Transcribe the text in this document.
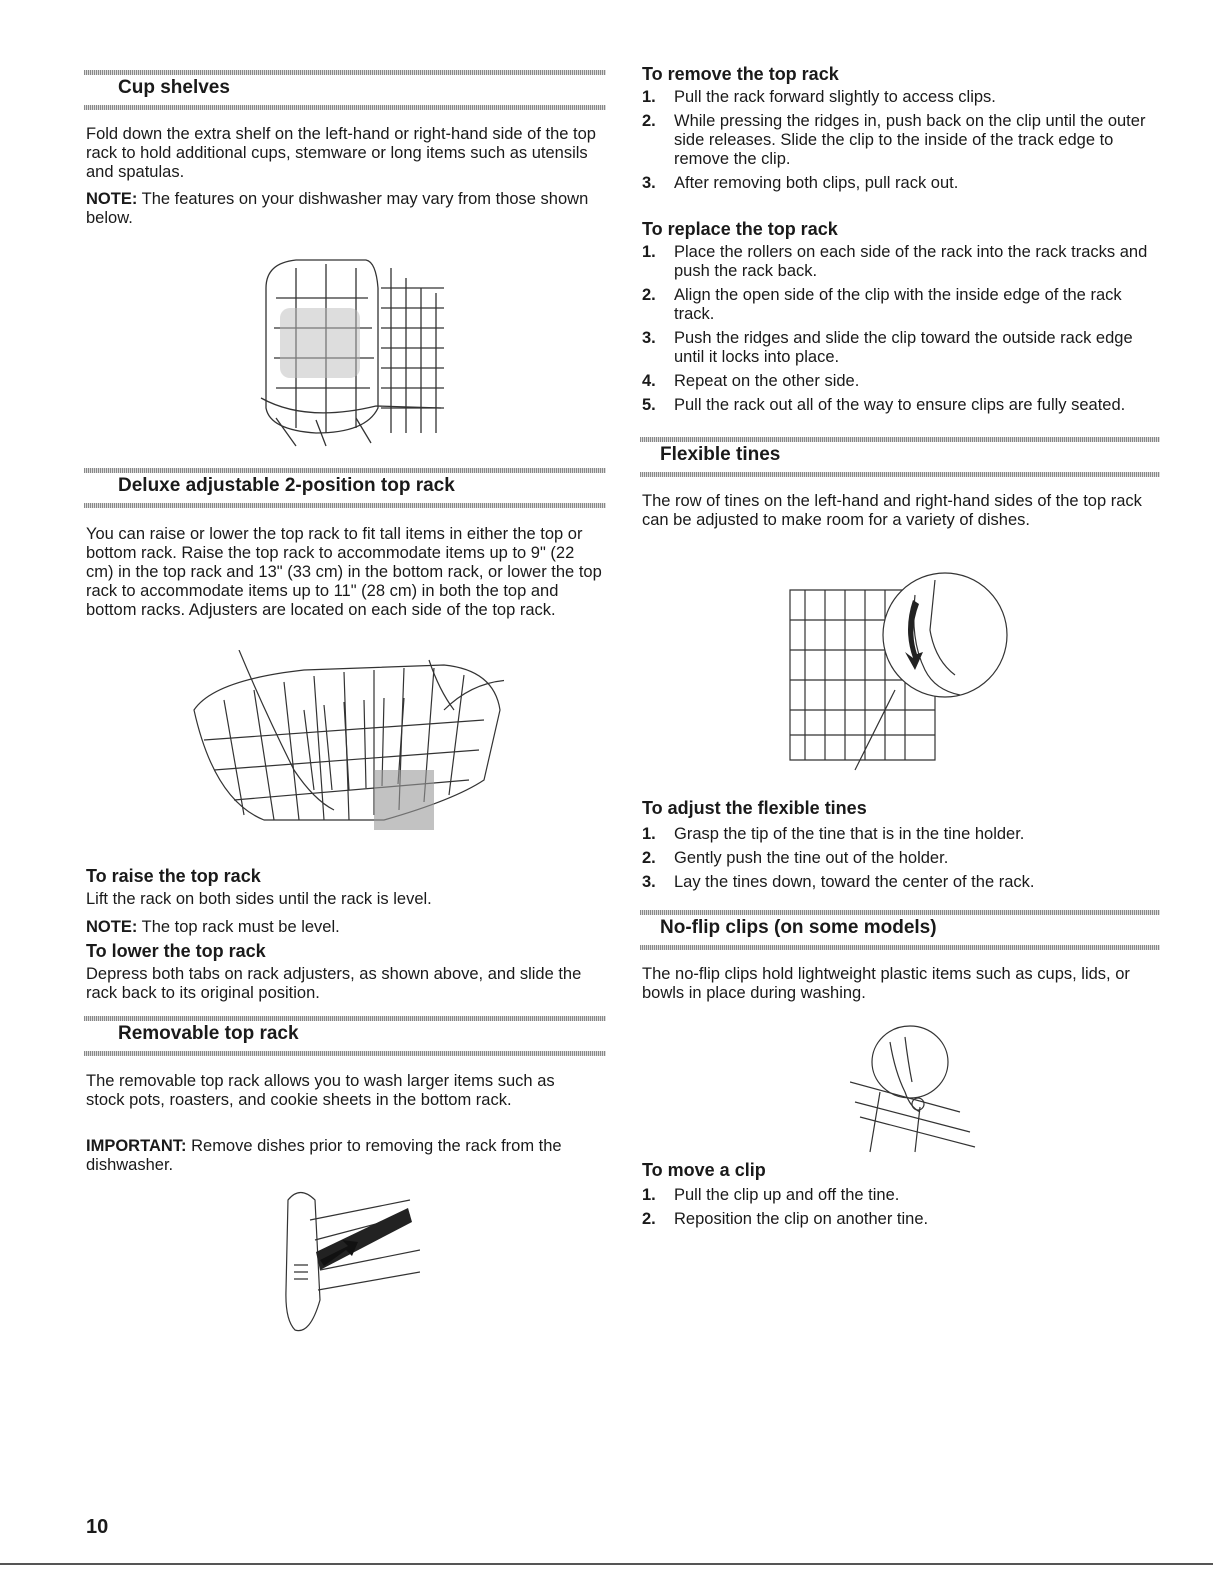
Cup shelves

Fold down the extra shelf on the left-hand or right-hand side of the top rack to hold additional cups, stemware or long items such as utensils and spatulas.

NOTE: The features on your dishwasher may vary from those shown below.

Deluxe adjustable 2-position top rack

You can raise or lower the top rack to fit tall items in either the top or bottom rack. Raise the top rack to accommodate items up to 9" (22 cm) in the top rack and 13" (33 cm) in the bottom rack, or lower the top rack to accommodate items up to 11" (28 cm) in both the top and bottom racks. Adjusters are located on each side of the top rack.

To raise the top rack

Lift the rack on both sides until the rack is level.

NOTE: The top rack must be level.

To lower the top rack

Depress both tabs on rack adjusters, as shown above, and slide the rack back to its original position.

Removable top rack

The removable top rack allows you to wash larger items such as stock pots, roasters, and cookie sheets in the bottom rack.

IMPORTANT: Remove dishes prior to removing the rack from the dishwasher.

To remove the top rack
1. Pull the rack forward slightly to access clips.
2. While pressing the ridges in, push back on the clip until the outer side releases. Slide the clip to the inside of the track edge to remove the clip.
3. After removing both clips, pull rack out.
To replace the top rack
1. Place the rollers on each side of the rack into the rack tracks and push the rack back.
2. Align the open side of the clip with the inside edge of the rack track.
3. Push the ridges and slide the clip toward the outside rack edge until it locks into place.
4. Repeat on the other side.
5. Pull the rack out all of the way to ensure clips are fully seated.
Flexible tines

The row of tines on the left-hand and right-hand sides of the top rack can be adjusted to make room for a variety of dishes.

To adjust the flexible tines
1. Grasp the tip of the tine that is in the tine holder.
2. Gently push the tine out of the holder.
3. Lay the tines down, toward the center of the rack.
No-flip clips (on some models)

The no-flip clips hold lightweight plastic items such as cups, lids, or bowls in place during washing.

To move a clip
1. Pull the clip up and off the tine.
2. Reposition the clip on another tine.
10
